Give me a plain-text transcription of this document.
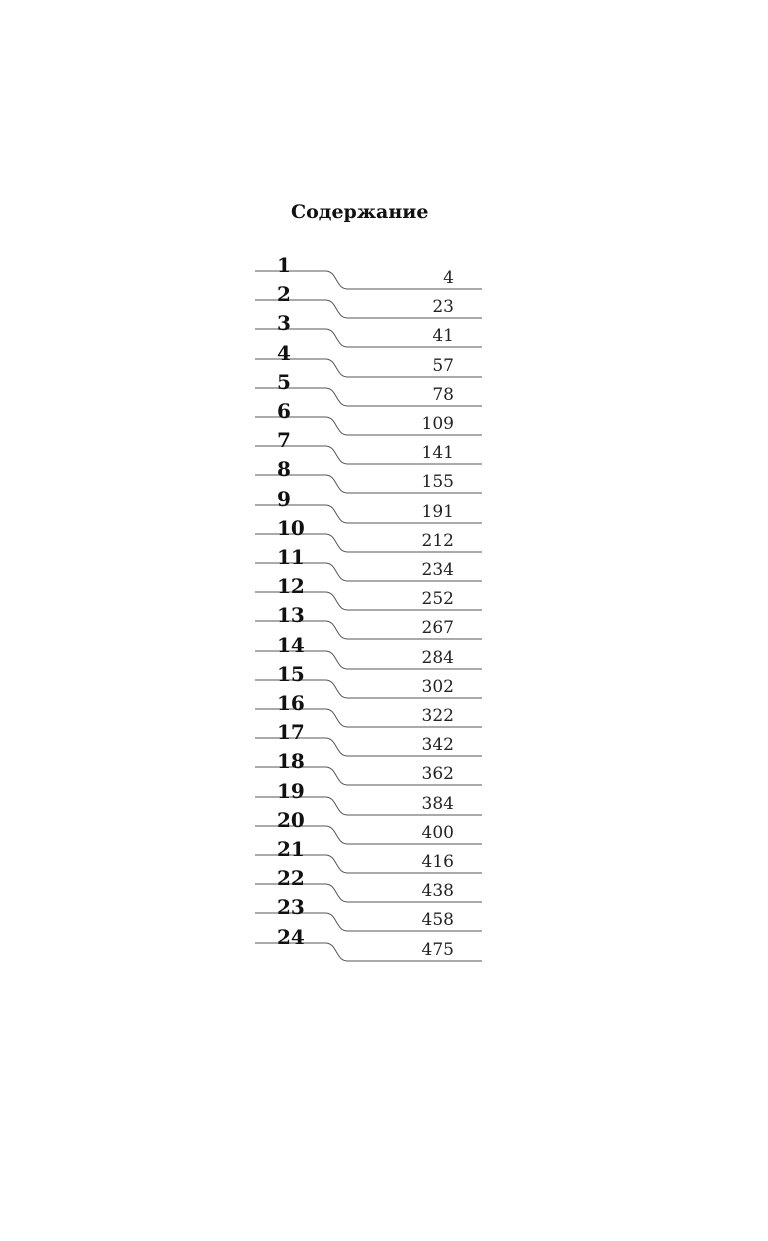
Содержание
1
4
2
23
3
41
4
57
5
78
6
109
7
141
8
155
9
191
10
212
11
234
12
252
13
267
14
284
15
302
16
322
17
342
18
362
19
384
20
400
21
416
22
438
23
458
24
475
